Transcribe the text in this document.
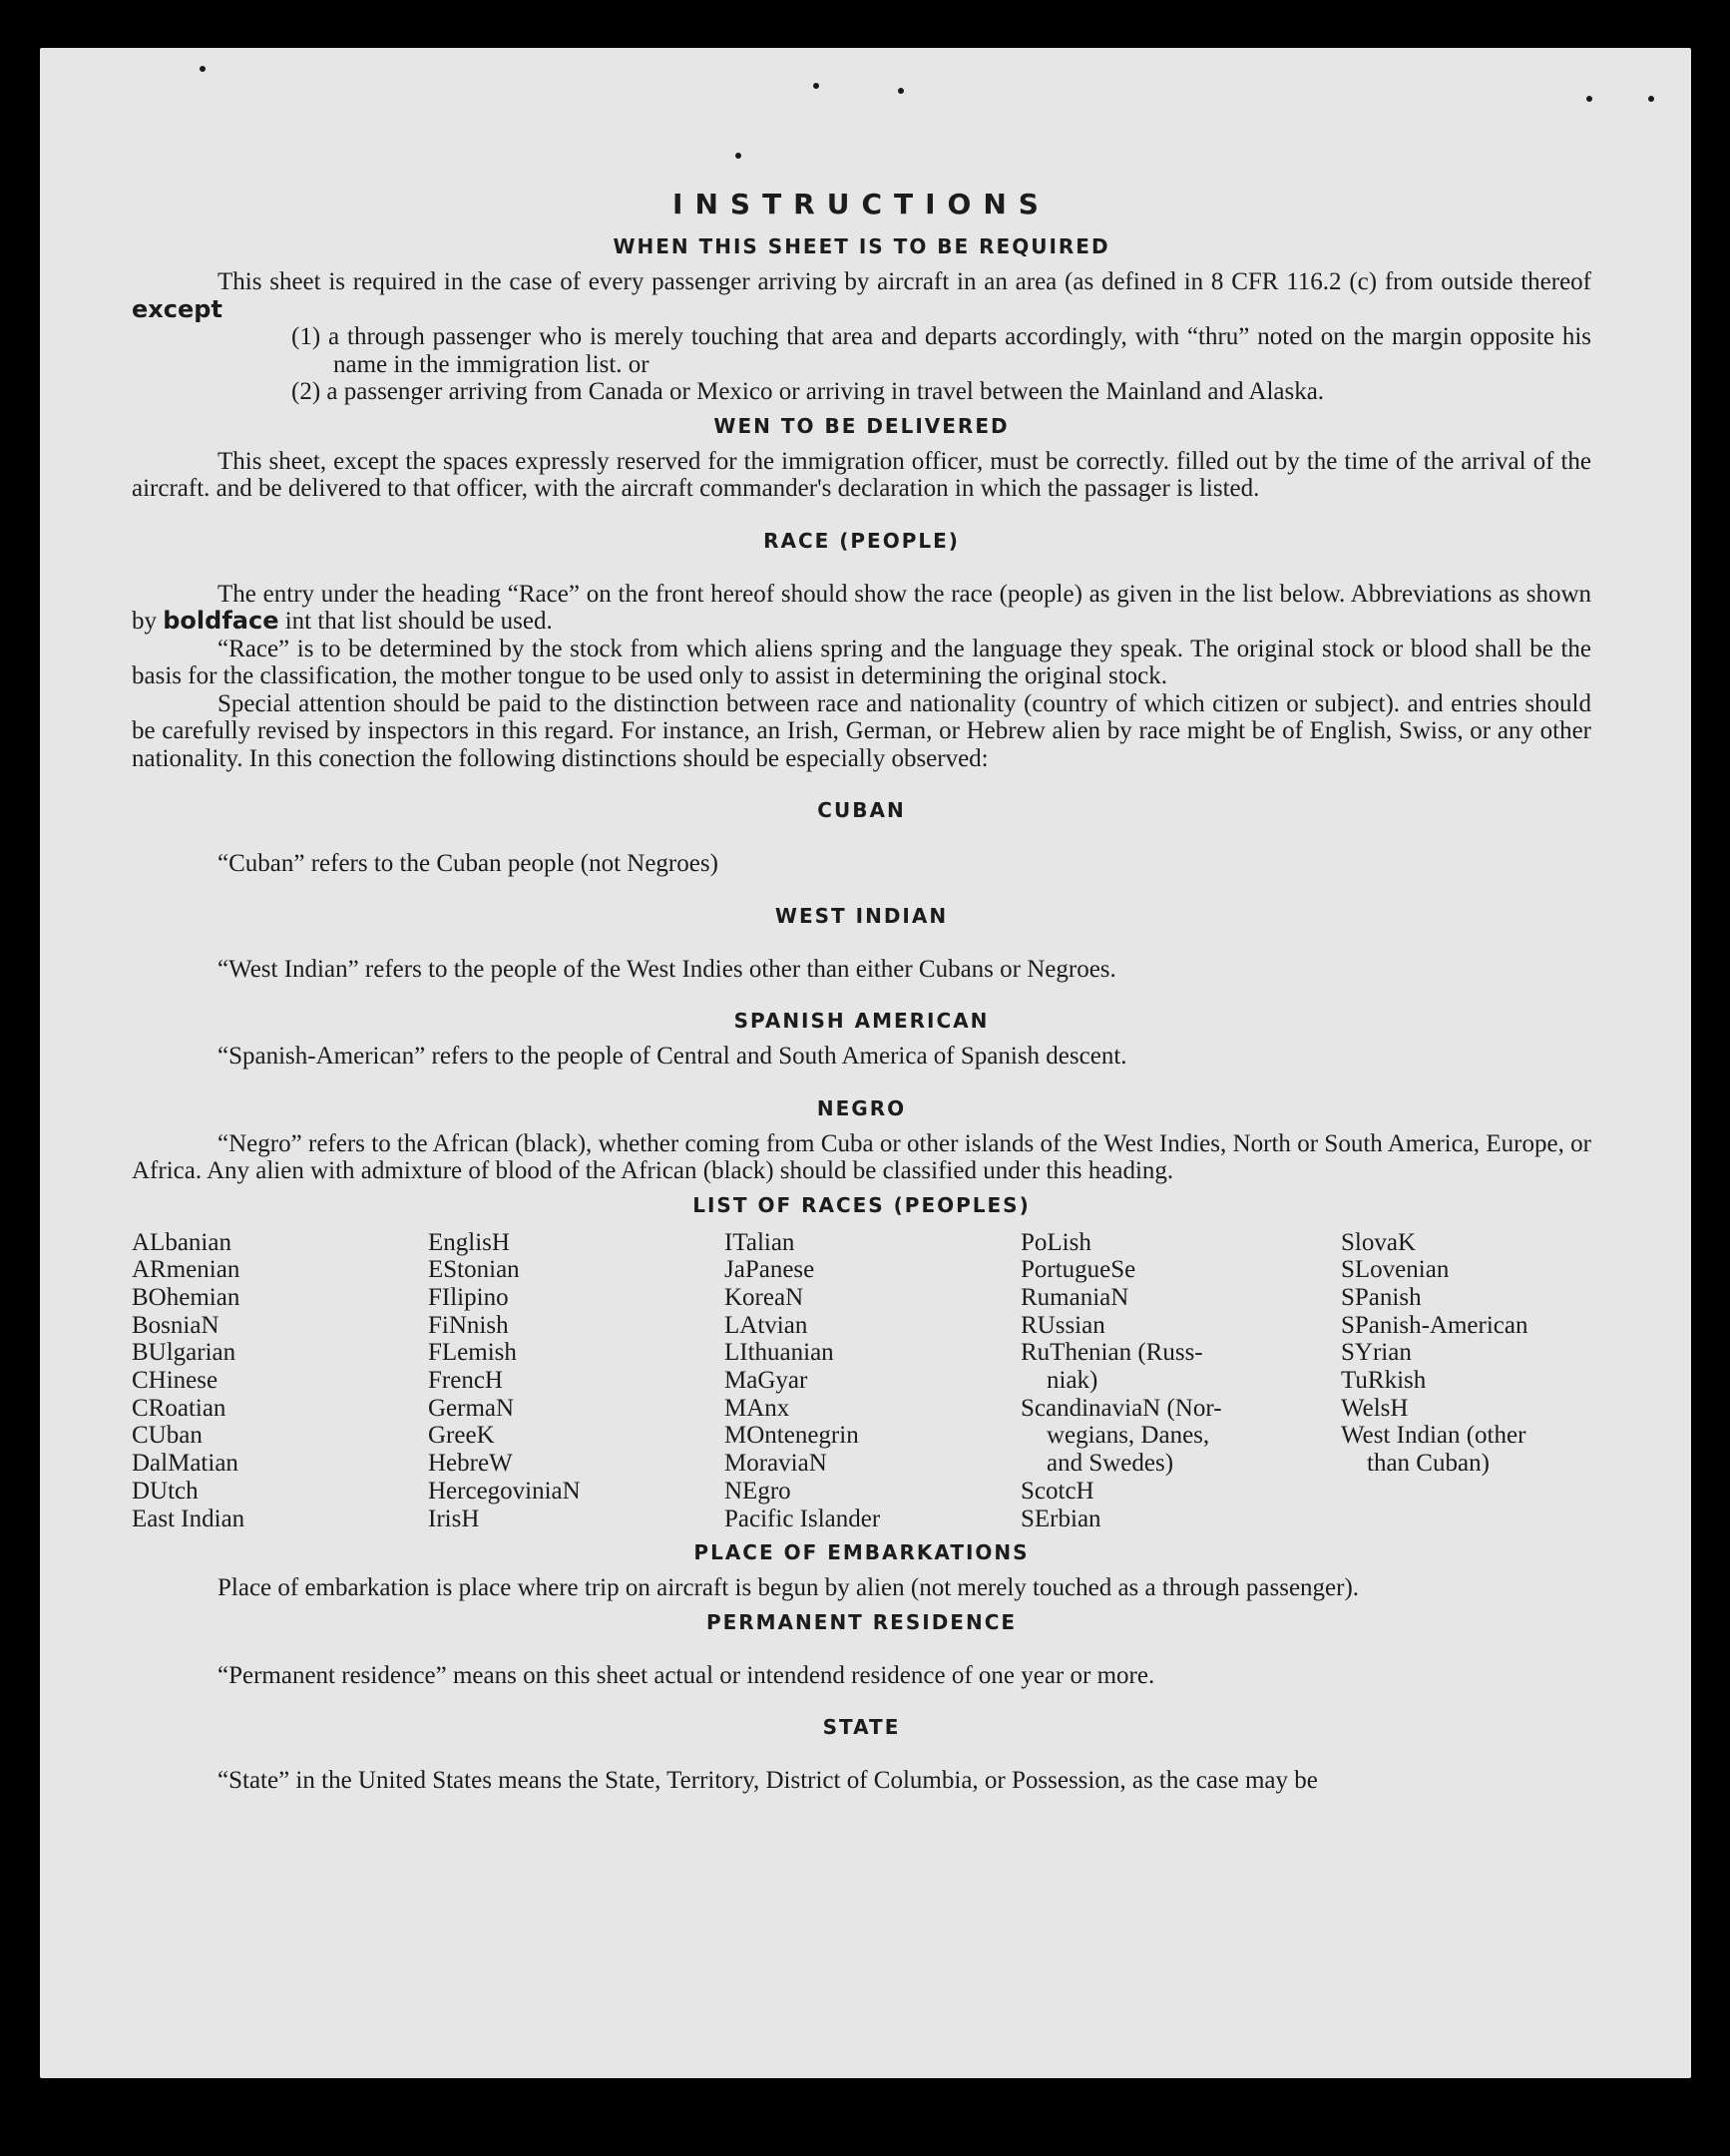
INSTRUCTIONS
WHEN THIS SHEET IS TO BE REQUIRED

This sheet is required in the case of every passenger arriving by aircraft in an area (as defined in 8 CFR 116.2 (c) from outside thereof except

(1) a through passenger who is merely touching that area and departs accordingly, with “thru” noted on the margin opposite his name in the immigration list. or
(2) a passenger arriving from Canada or Mexico or arriving in travel between the Mainland and Alaska.
WEN TO BE DELIVERED

This sheet, except the spaces expressly reserved for the immigration officer, must be correctly. filled out by the time of the arrival of the aircraft. and be delivered to that officer, with the aircraft commander's declaration in which the passager is listed.

RACE (PEOPLE)

The entry under the heading “Race” on the front hereof should show the race (people) as given in the list below. Abbreviations as shown by boldface int that list should be used.

“Race” is to be determined by the stock from which aliens spring and the language they speak. The original stock or blood shall be the basis for the classification, the mother tongue to be used only to assist in determining the original stock.

Special attention should be paid to the distinction between race and nationality (country of which citizen or subject). and entries should be carefully revised by inspectors in this regard. For instance, an Irish, German, or Hebrew alien by race might be of English, Swiss, or any other nationality. In this conection the following distinctions should be especially observed:

CUBAN

“Cuban” refers to the Cuban people (not Negroes)

WEST INDIAN

“West Indian” refers to the people of the West Indies other than either Cubans or Negroes.

SPANISH AMERICAN

“Spanish-American” refers to the people of Central and South America of Spanish descent.

NEGRO

“Negro” refers to the African (black), whether coming from Cuba or other islands of the West Indies, North or South America, Europe, or Africa. Any alien with admixture of blood of the African (black) should be classified under this heading.

LIST OF RACES (PEOPLES)
ALbanian
ARmenian
BOhemian
BosniaN
BUlgarian
CHinese
CRoatian
CUban
DalMatian
DUtch
East Indian
EnglisH
EStonian
FIlipino
FiNnish
FLemish
FrencH
GermaN
GreeK
HebreW
HercegovinіaN
IrisH
ITalian
JaPanese
KoreaN
LAtvian
LIthuanian
MaGyar
MAnx
MOntenegrin
MoraviaN
NEgro
Pacific Islander
PoLish
PortugueSe
RumaniaN
RUssian
RuThenian (Russ-
niak)
ScandinaviaN (Nor-
wegians, Danes,
and Swedes)
ScotcH
SErbian
SlovaK
SLovenian
SPanish
SPanish-American
SYrian
TuRkish
WelsH
West Indian (other
than Cuban)
PLACE OF EMBARKATIONS

Place of embarkation is place where trip on aircraft is begun by alien (not merely touched as a through passenger).

PERMANENT RESIDENCE

“Permanent residence” means on this sheet actual or intendend residence of one year or more.

STATE

“State” in the United States means the State, Territory, District of Columbia, or Possession, as the case may be
